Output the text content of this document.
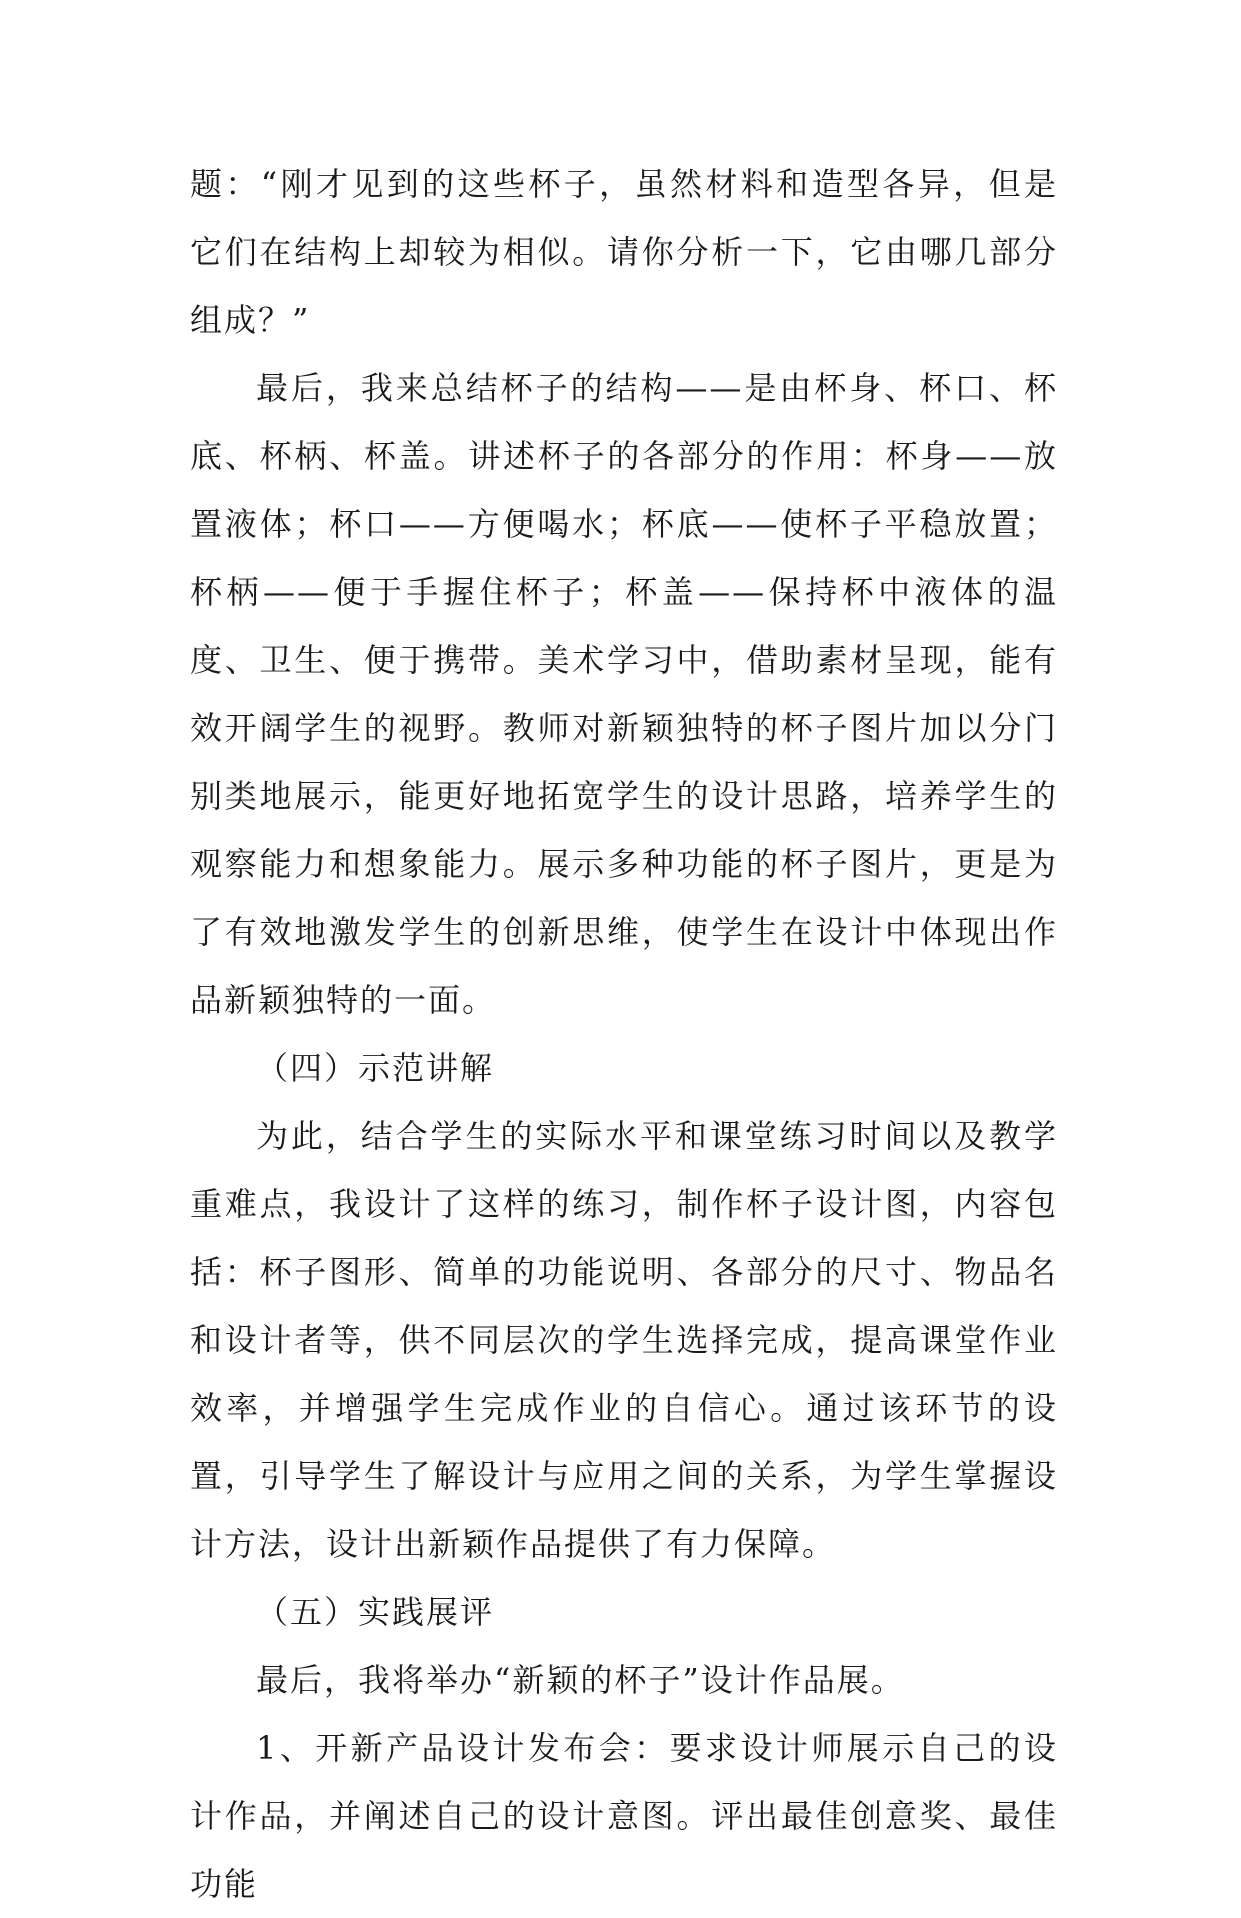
题：“刚才见到的这些杯子，虽然材料和造型各异，但是它们在结构上却较为相似。请你分析一下，它由哪几部分组成？”

最后，我来总结杯子的结构——是由杯身、杯口、杯底、杯柄、杯盖。讲述杯子的各部分的作用：杯身——放置液体；杯口——方便喝水；杯底——使杯子平稳放置；杯柄——便于手握住杯子；杯盖——保持杯中液体的温度、卫生、便于携带。美术学习中，借助素材呈现，能有效开阔学生的视野。教师对新颖独特的杯子图片加以分门别类地展示，能更好地拓宽学生的设计思路，培养学生的观察能力和想象能力。展示多种功能的杯子图片，更是为了有效地激发学生的创新思维，使学生在设计中体现出作品新颖独特的一面。

（四）示范讲解

为此，结合学生的实际水平和课堂练习时间以及教学重难点，我设计了这样的练习，制作杯子设计图，内容包括：杯子图形、简单的功能说明、各部分的尺寸、物品名和设计者等，供不同层次的学生选择完成，提高课堂作业效率，并增强学生完成作业的自信心。通过该环节的设置，引导学生了解设计与应用之间的关系，为学生掌握设计方法，设计出新颖作品提供了有力保障。

（五）实践展评

最后，我将举办“新颖的杯子”设计作品展。

1、开新产品设计发布会：要求设计师展示自己的设计作品，并阐述自己的设计意图。评出最佳创意奖、最佳功能
